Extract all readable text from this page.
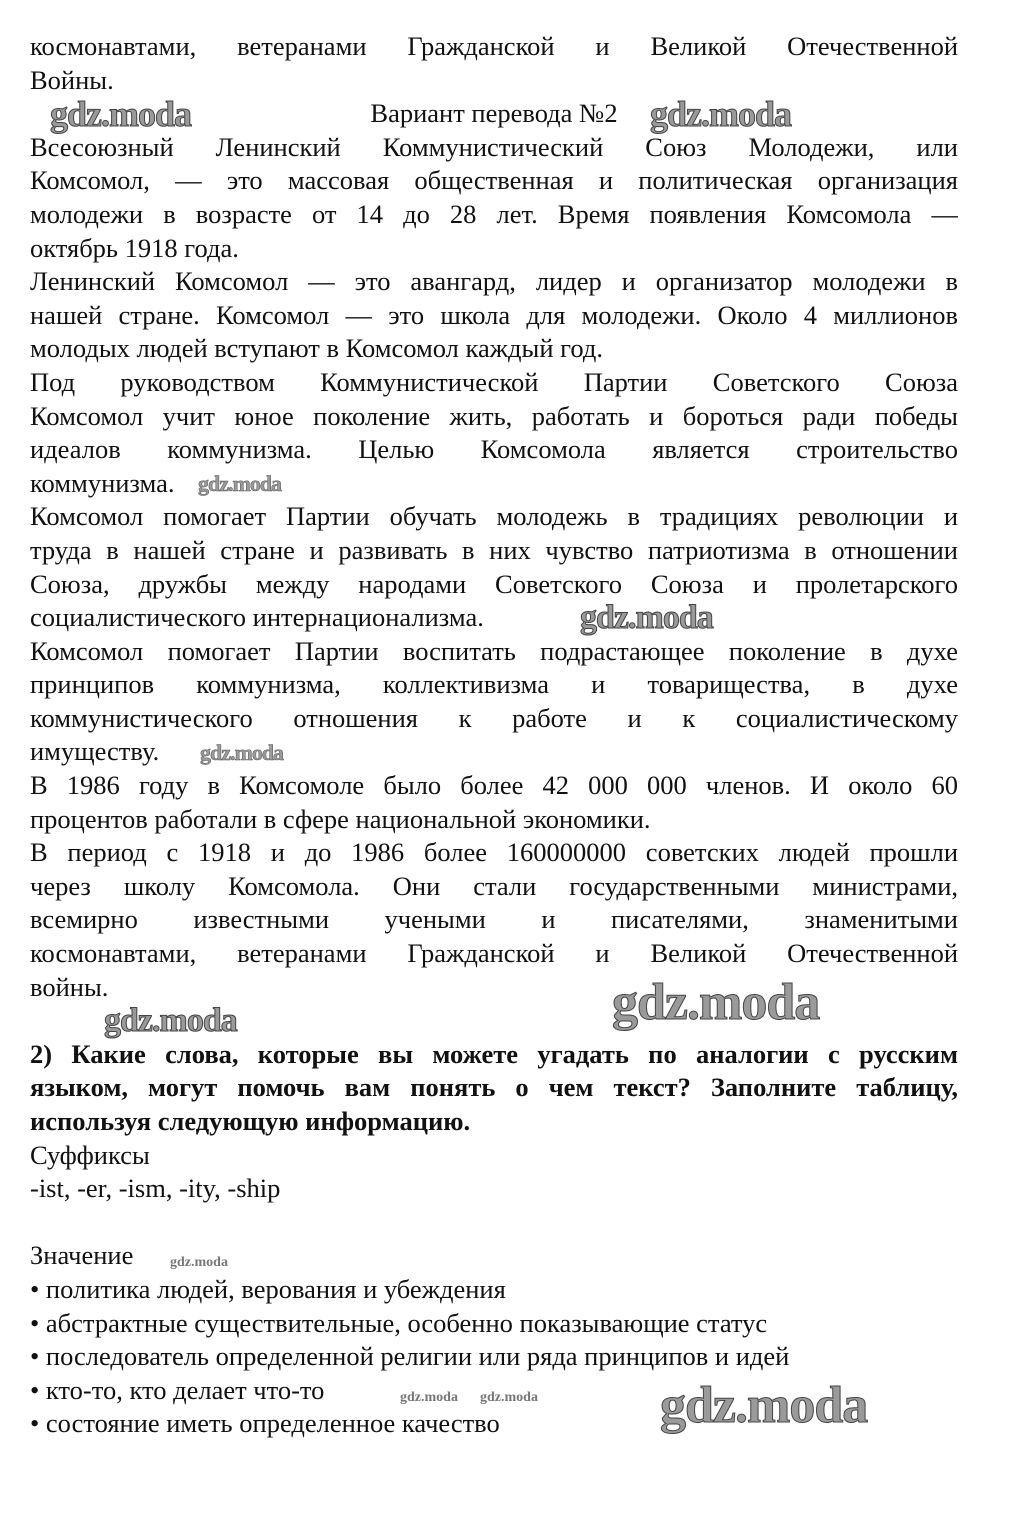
космонавтами, ветеранами Гражданской и Великой Отечественной
Войны.
Вариант перевода №2
Всесоюзный Ленинский Коммунистический Союз Молодежи, или
Комсомол, — это массовая общественная и политическая организация
молодежи в возрасте от 14 до 28 лет. Время появления Комсомола —
октябрь 1918 года.
Ленинский Комсомол — это авангард, лидер и организатор молодежи в
нашей стране. Комсомол — это школа для молодежи. Около 4 миллионов
молодых людей вступают в Комсомол каждый год.
Под руководством Коммунистической Партии Советского Союза
Комсомол учит юное поколение жить, работать и бороться ради победы
идеалов коммунизма. Целью Комсомола является строительство
коммунизма.
Комсомол помогает Партии обучать молодежь в традициях революции и
труда в нашей стране и развивать в них чувство патриотизма в отношении
Союза, дружбы между народами Советского Союза и пролетарского
социалистического интернационализма.
Комсомол помогает Партии воспитать подрастающее поколение в духе
принципов коммунизма, коллективизма и товарищества, в духе
коммунистического отношения к работе и к социалистическому
имуществу.
В 1986 году в Комсомоле было более 42 000 000 членов. И около 60
процентов работали в сфере национальной экономики.
В период с 1918 и до 1986 более 160000000 советских людей прошли
через школу Комсомола. Они стали государственными министрами,
всемирно известными учеными и писателями, знаменитыми
космонавтами, ветеранами Гражданской и Великой Отечественной
войны.
2) Какие слова, которые вы можете угадать по аналогии с русским
языком, могут помочь вам понять о чем текст? Заполните таблицу,
используя следующую информацию.
Суффиксы
-ist, -er, -ism, -ity, -ship
Значение
• политика людей, верования и убеждения
• абстрактные существительные, особенно показывающие статус
• последователь определенной религии или ряда принципов и идей
• кто-то, кто делает что-то
• состояние иметь определенное качество
gdz.moda	gdz.moda
gdz.moda
gdz.moda
gdz.moda
gdz.moda
gdz.moda
gdz.moda
gdz.moda
gdz.moda gdz.moda
